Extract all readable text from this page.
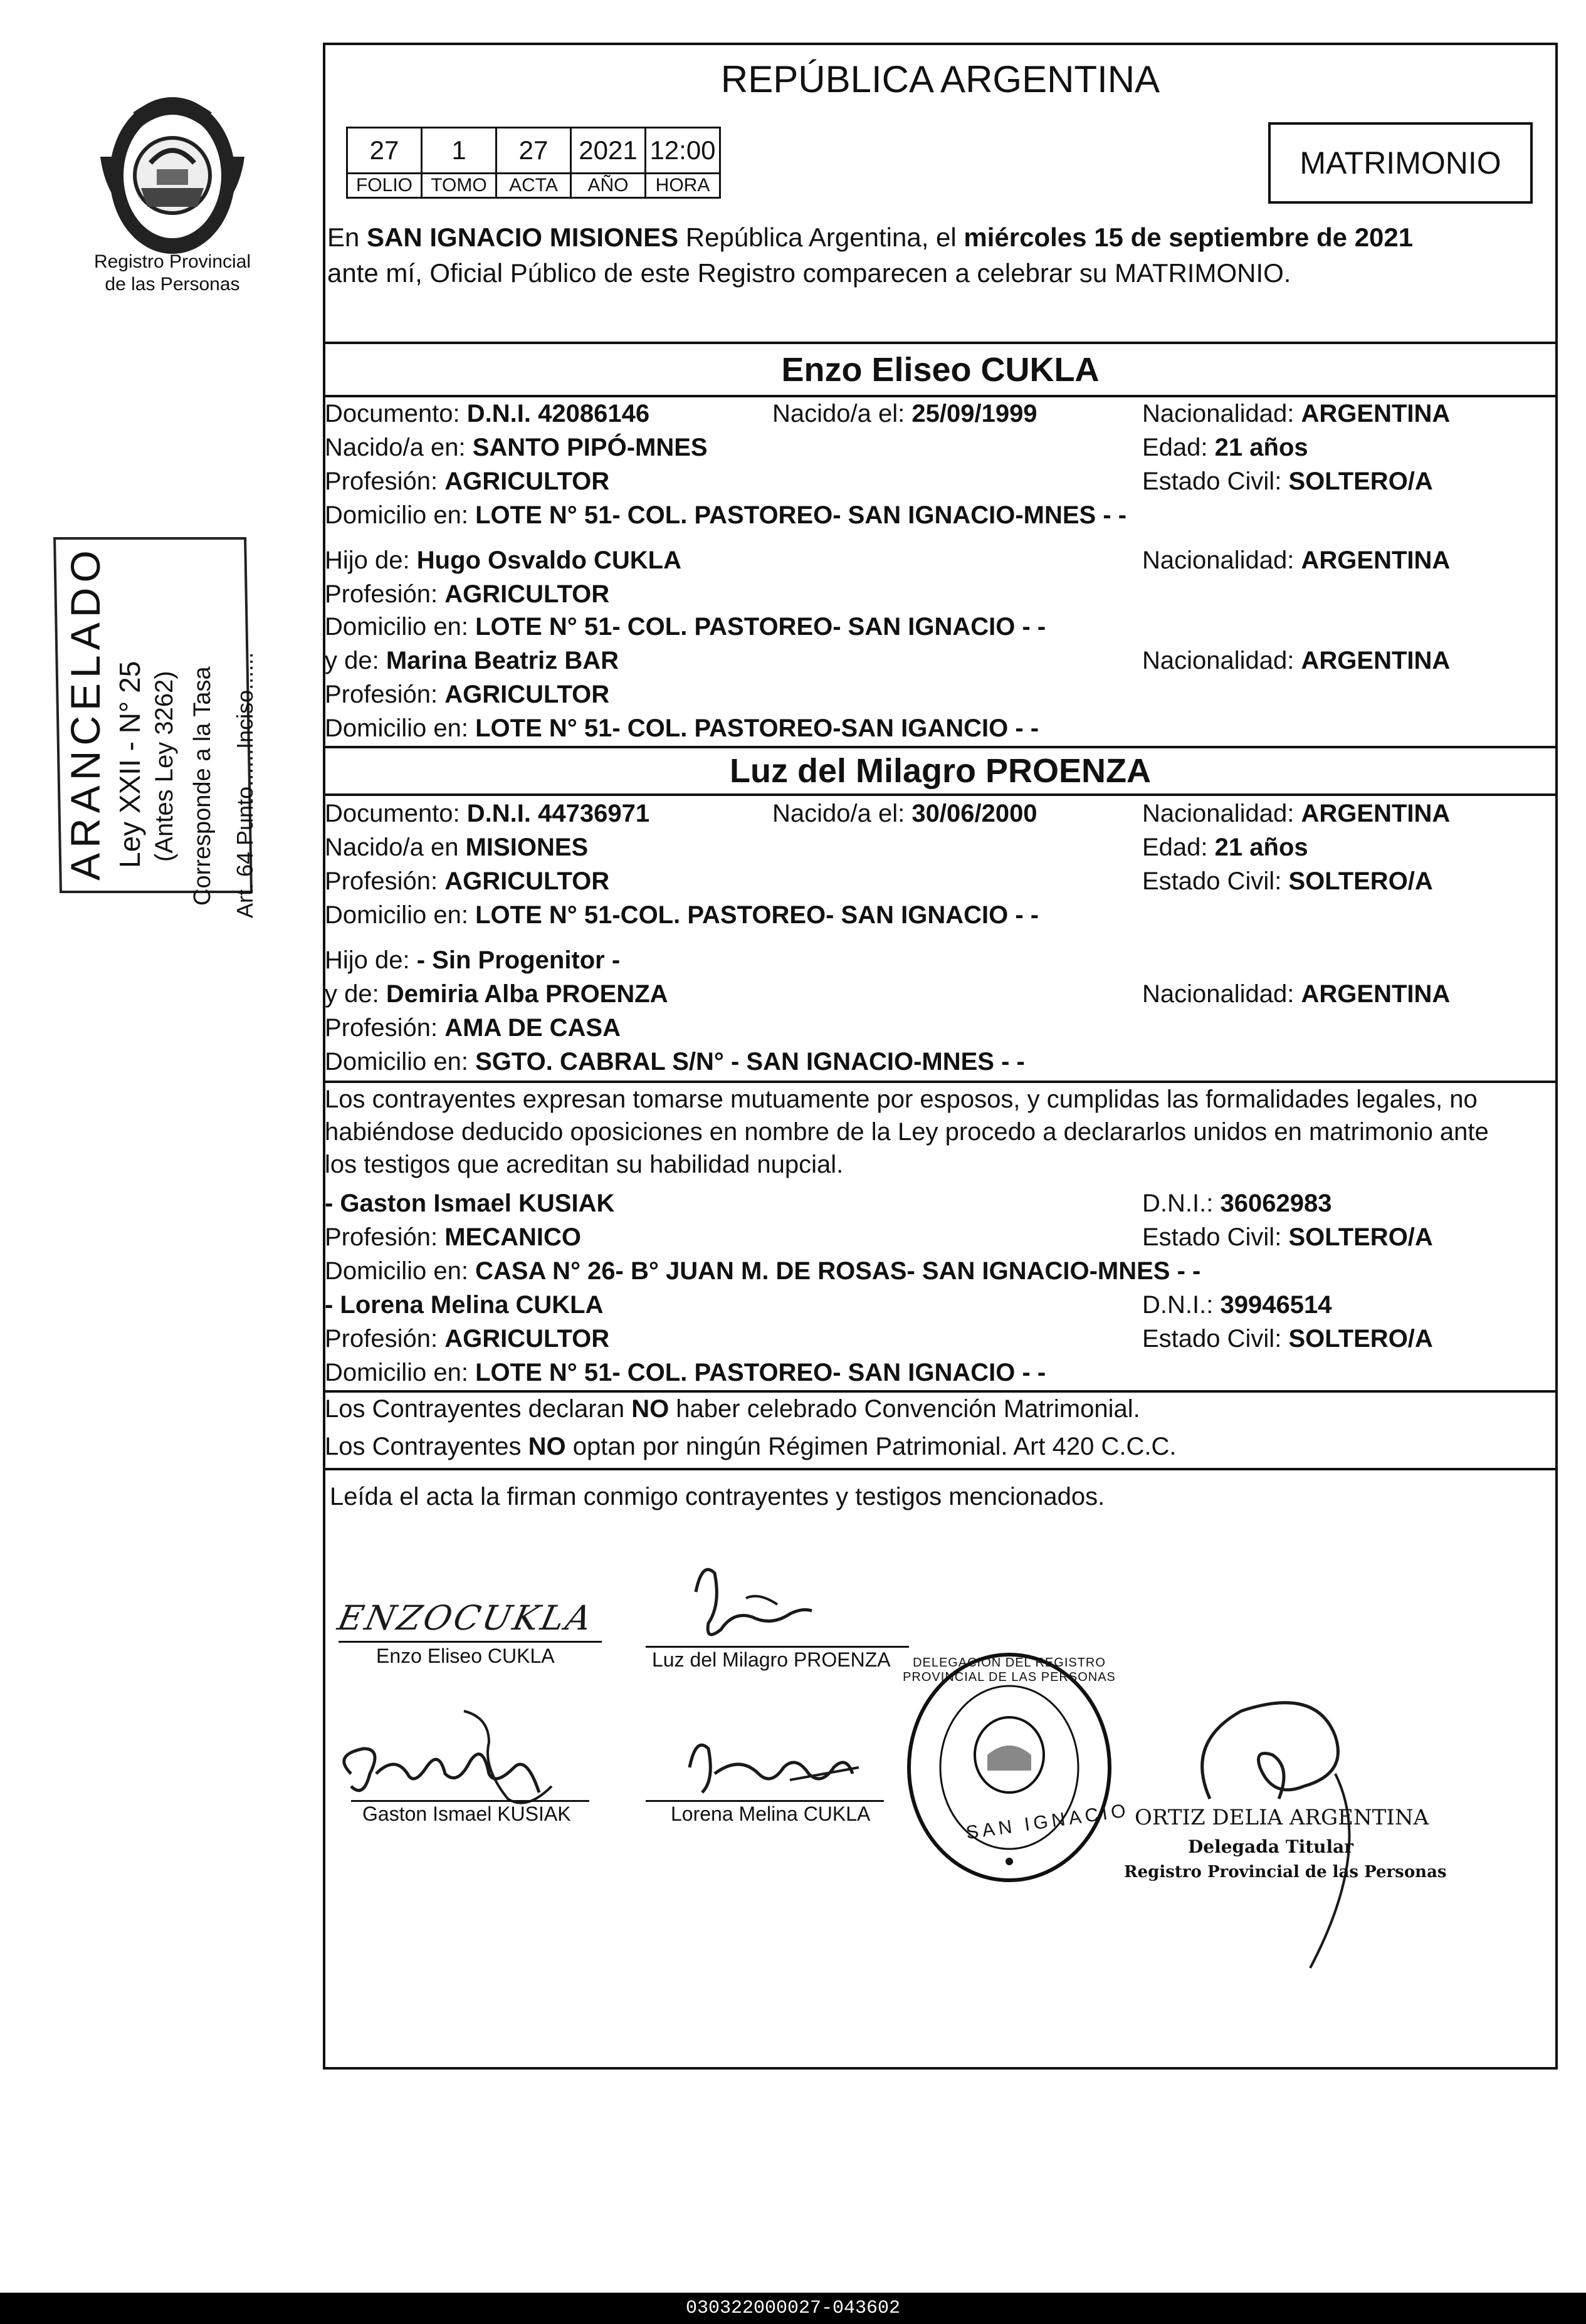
Registro Provincial
de las Personas
ARANCELADO Ley XXII - N° 25 (Antes Ley 3262) Corresponde a la Tasa Art. 64 Punto......Inciso......
REPÚBLICA ARGENTINA
27	1	27	2021	12:00
FOLIO	TOMO	ACTA	AÑO	HORA
MATRIMONIO
En SAN IGNACIO MISIONES República Argentina, el miércoles 15 de septiembre de 2021
ante mí, Oficial Público de este Registro comparecen a celebrar su MATRIMONIO.
Enzo Eliseo CUKLA
Documento: D.N.I. 42086146	Nacido/a el: 25/09/1999	Nacionalidad: ARGENTINA
Nacido/a en: SANTO PIPÓ-MNES	Edad: 21 años
Profesión: AGRICULTOR	Estado Civil: SOLTERO/A
Domicilio en: LOTE N° 51- COL. PASTOREO- SAN IGNACIO-MNES - -
Hijo de: Hugo Osvaldo CUKLA	Nacionalidad: ARGENTINA
Profesión: AGRICULTOR
Domicilio en: LOTE N° 51- COL. PASTOREO- SAN IGNACIO - -
y de: Marina Beatriz BAR	Nacionalidad: ARGENTINA
Profesión: AGRICULTOR
Domicilio en: LOTE N° 51- COL. PASTOREO-SAN IGANCIO - -
Luz del Milagro PROENZA
Documento: D.N.I. 44736971	Nacido/a el: 30/06/2000	Nacionalidad: ARGENTINA
Nacido/a en MISIONES	Edad: 21 años
Profesión: AGRICULTOR	Estado Civil: SOLTERO/A
Domicilio en: LOTE N° 51-COL. PASTOREO- SAN IGNACIO - -
Hijo de: - Sin Progenitor -
y de: Demiria Alba PROENZA	Nacionalidad: ARGENTINA
Profesión: AMA DE CASA
Domicilio en: SGTO. CABRAL S/N° - SAN IGNACIO-MNES - -
Los contrayentes expresan tomarse mutuamente por esposos, y cumplidas las formalidades legales, no
habiéndose deducido oposiciones en nombre de la Ley procedo a declararlos unidos en matrimonio ante
los testigos que acreditan su habilidad nupcial.
- Gaston Ismael KUSIAK	D.N.I.: 36062983
Profesión: MECANICO	Estado Civil: SOLTERO/A
Domicilio en: CASA N° 26- B° JUAN M. DE ROSAS- SAN IGNACIO-MNES - -
- Lorena Melina CUKLA	D.N.I.: 39946514
Profesión: AGRICULTOR	Estado Civil: SOLTERO/A
Domicilio en: LOTE N° 51- COL. PASTOREO- SAN IGNACIO - -
Los Contrayentes declaran NO haber celebrado Convención Matrimonial.
Los Contrayentes NO optan por ningún Régimen Patrimonial. Art 420 C.C.C.
Leída el acta la firman conmigo contrayentes y testigos mencionados.
ENZOCUKLA
Enzo Eliseo CUKLA	Luz del Milagro PROENZA
Gaston Ismael KUSIAK	Lorena Melina CUKLA	SAN IGNACIO
DELEGACION DEL REGISTRO PROVINCIAL DE LAS PERSONAS
ORTIZ DELIA ARGENTINA
Delegada Titular
Registro Provincial de las Personas
030322000027-043602
